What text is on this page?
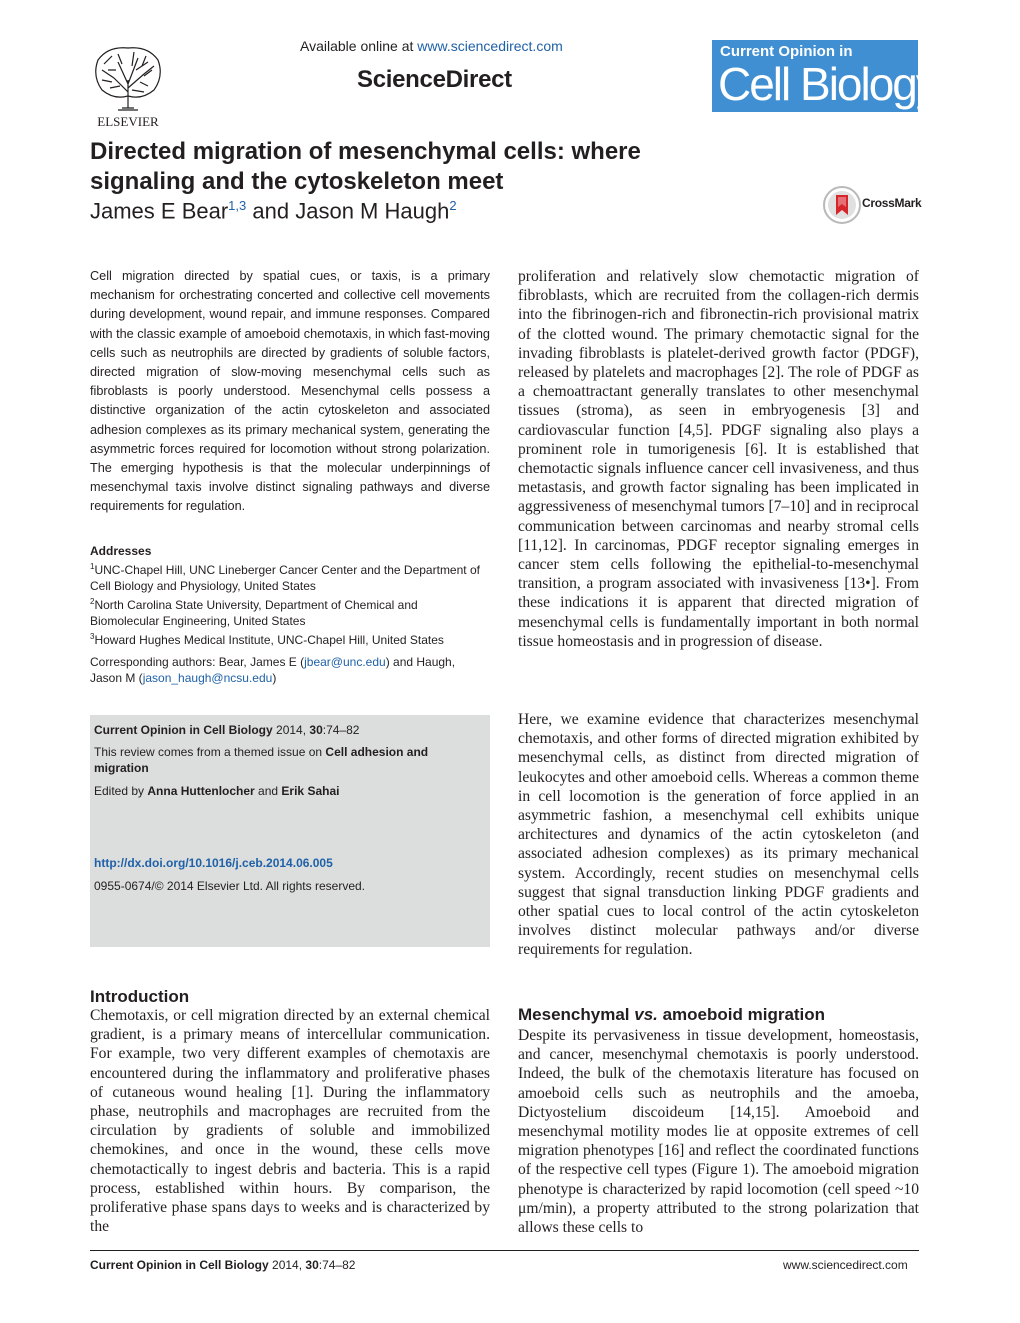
ELSEVIER
Available online at www.sciencedirect.com
ScienceDirect
Current Opinion in
Cell Biology
Directed migration of mesenchymal cells: where signaling and the cytoskeleton meet
James E Bear$^{1,3}$ and Jason M Haugh$^2$	CrossMark
Cell migration directed by spatial cues, or taxis, is a primary mechanism for orchestrating concerted and collective cell movements during development, wound repair, and immune responses. Compared with the classic example of amoeboid chemotaxis, in which fast-moving cells such as neutrophils are directed by gradients of soluble factors, directed migration of slow-moving mesenchymal cells such as fibroblasts is poorly understood. Mesenchymal cells possess a distinctive organization of the actin cytoskeleton and associated adhesion complexes as its primary mechanical system, generating the asymmetric forces required for locomotion without strong polarization. The emerging hypothesis is that the molecular underpinnings of mesenchymal taxis involve distinct signaling pathways and diverse requirements for regulation.
Addresses
$^1$UNC-Chapel Hill, UNC Lineberger Cancer Center and the Department of Cell Biology and Physiology, United States
$^2$North Carolina State University, Department of Chemical and Biomolecular Engineering, United States
$^3$Howard Hughes Medical Institute, UNC-Chapel Hill, United States
Corresponding authors: Bear, James E (jbear@unc.edu) and Haugh, Jason M (jason_haugh@ncsu.edu)
Current Opinion in Cell Biology 2014, 30:74–82
This review comes from a themed issue on Cell adhesion and migration
Edited by Anna Huttenlocher and Erik Sahai
http://dx.doi.org/10.1016/j.ceb.2014.06.005
0955-0674/© 2014 Elsevier Ltd. All rights reserved.
Introduction
Chemotaxis, or cell migration directed by an external chemical gradient, is a primary means of intercellular communication. For example, two very different examples of chemotaxis are encountered during the inflammatory and proliferative phases of cutaneous wound healing [1]. During the inflammatory phase, neutrophils and macrophages are recruited from the circulation by gradients of soluble and immobilized chemokines, and once in the wound, these cells move chemotactically to ingest debris and bacteria. This is a rapid process, established within hours. By comparison, the proliferative phase spans days to weeks and is characterized by the
proliferation and relatively slow chemotactic migration of fibroblasts, which are recruited from the collagen-rich dermis into the fibrinogen-rich and fibronectin-rich provisional matrix of the clotted wound. The primary chemotactic signal for the invading fibroblasts is platelet-derived growth factor (PDGF), released by platelets and macrophages [2]. The role of PDGF as a chemoattractant generally translates to other mesenchymal tissues (stroma), as seen in embryogenesis [3] and cardiovascular function [4,5]. PDGF signaling also plays a prominent role in tumorigenesis [6]. It is established that chemotactic signals influence cancer cell invasiveness, and thus metastasis, and growth factor signaling has been implicated in aggressiveness of mesenchymal tumors [7–10] and in reciprocal communication between carcinomas and nearby stromal cells [11,12]. In carcinomas, PDGF receptor signaling emerges in cancer stem cells following the epithelial-to-mesenchymal transition, a program associated with invasiveness [13•]. From these indications it is apparent that directed migration of mesenchymal cells is fundamentally important in both normal tissue homeostasis and in progression of disease.
Here, we examine evidence that characterizes mesenchymal chemotaxis, and other forms of directed migration exhibited by mesenchymal cells, as distinct from directed migration of leukocytes and other amoeboid cells. Whereas a common theme in cell locomotion is the generation of force applied in an asymmetric fashion, a mesenchymal cell exhibits unique architectures and dynamics of the actin cytoskeleton (and associated adhesion complexes) as its primary mechanical system. Accordingly, recent studies on mesenchymal cells suggest that signal transduction linking PDGF gradients and other spatial cues to local control of the actin cytoskeleton involves distinct molecular pathways and/or diverse requirements for regulation.
Mesenchymal vs. amoeboid migration
Despite its pervasiveness in tissue development, homeostasis, and cancer, mesenchymal chemotaxis is poorly understood. Indeed, the bulk of the chemotaxis literature has focused on amoeboid cells such as neutrophils and the amoeba, Dictyostelium discoideum [14,15]. Amoeboid and mesenchymal motility modes lie at opposite extremes of cell migration phenotypes [16] and reflect the coordinated functions of the respective cell types (Figure 1). The amoeboid migration phenotype is characterized by rapid locomotion (cell speed ~10 μm/min), a property attributed to the strong polarization that allows these cells to
Current Opinion in Cell Biology 2014, 30:74–82	www.sciencedirect.com
